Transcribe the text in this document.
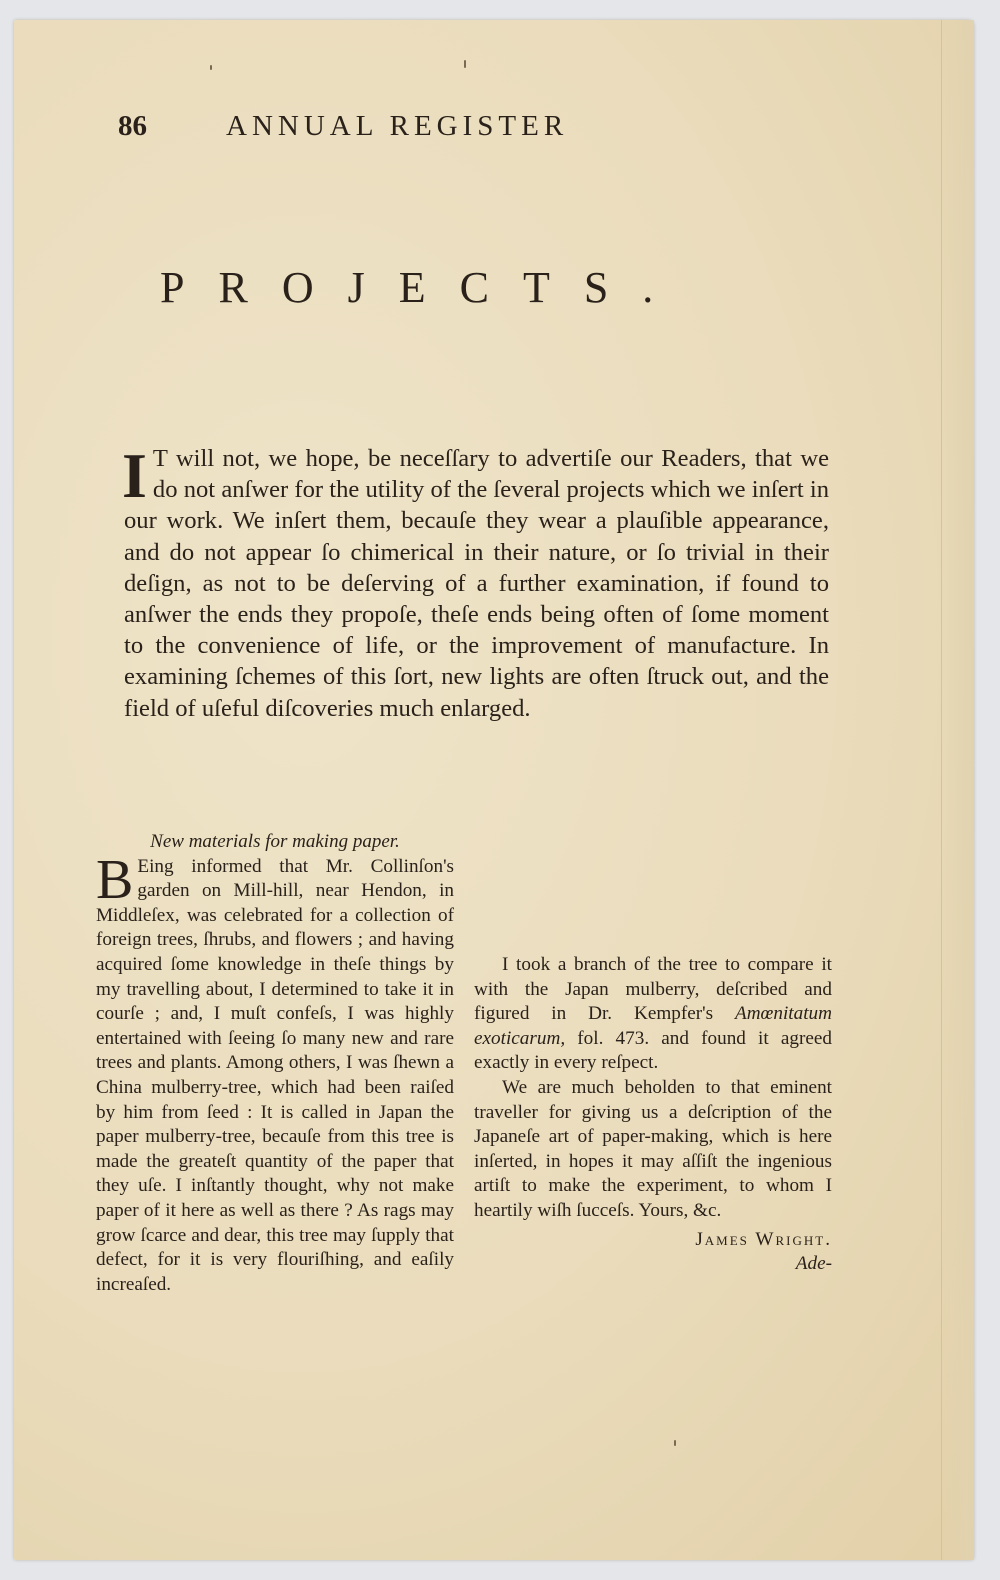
86	ANNUAL REGISTER
PROJECTS.
I T will not, we hope, be neceſſary to advertiſe our Readers, that we do not anſwer for the utility of the ſeveral projects which we inſert in our work. We inſert them, becauſe they wear a plauſible appearance, and do not appear ſo chimerical in their nature, or ſo trivial in their deſign, as not to be deſerving of a further examination, if found to anſwer the ends they propoſe, theſe ends being often of ſome moment to the convenience of life, or the improvement of manufacture. In examining ſchemes of this ſort, new lights are often ſtruck out, and the field of uſeful diſcoveries much enlarged.

New materials for making paper.

B Eing informed that Mr. Collinſon's garden on Mill-hill, near Hendon, in Middleſex, was celebrated for a collection of foreign trees, ſhrubs, and flowers ; and having acquired ſome knowledge in theſe things by my travelling about, I determined to take it in courſe ; and, I muſt confeſs, I was highly entertained with ſeeing ſo many new and rare trees and plants. Among others, I was ſhewn a China mulberry-tree, which had been raiſed by him from ſeed : It is called in Japan the paper mulberry-tree, becauſe from this tree is made the greateſt quantity of the paper that they uſe. I inſtantly thought, why not make paper of it here as well as there ? As rags may grow ſcarce and dear, this tree may ſupply that defect, for it is very flouriſhing, and eaſily increaſed.

I took a branch of the tree to compare it with the Japan mulberry, deſcribed and figured in Dr. Kempfer's Amœnitatum exoticarum, fol. 473. and found it agreed exactly in every reſpect.

We are much beholden to that eminent traveller for giving us a deſcription of the Japaneſe art of paper-making, which is here inſerted, in hopes it may aſſiſt the ingenious artiſt to make the experiment, to whom I heartily wiſh ſucceſs. Yours, &c.

James Wright.

Ade-
